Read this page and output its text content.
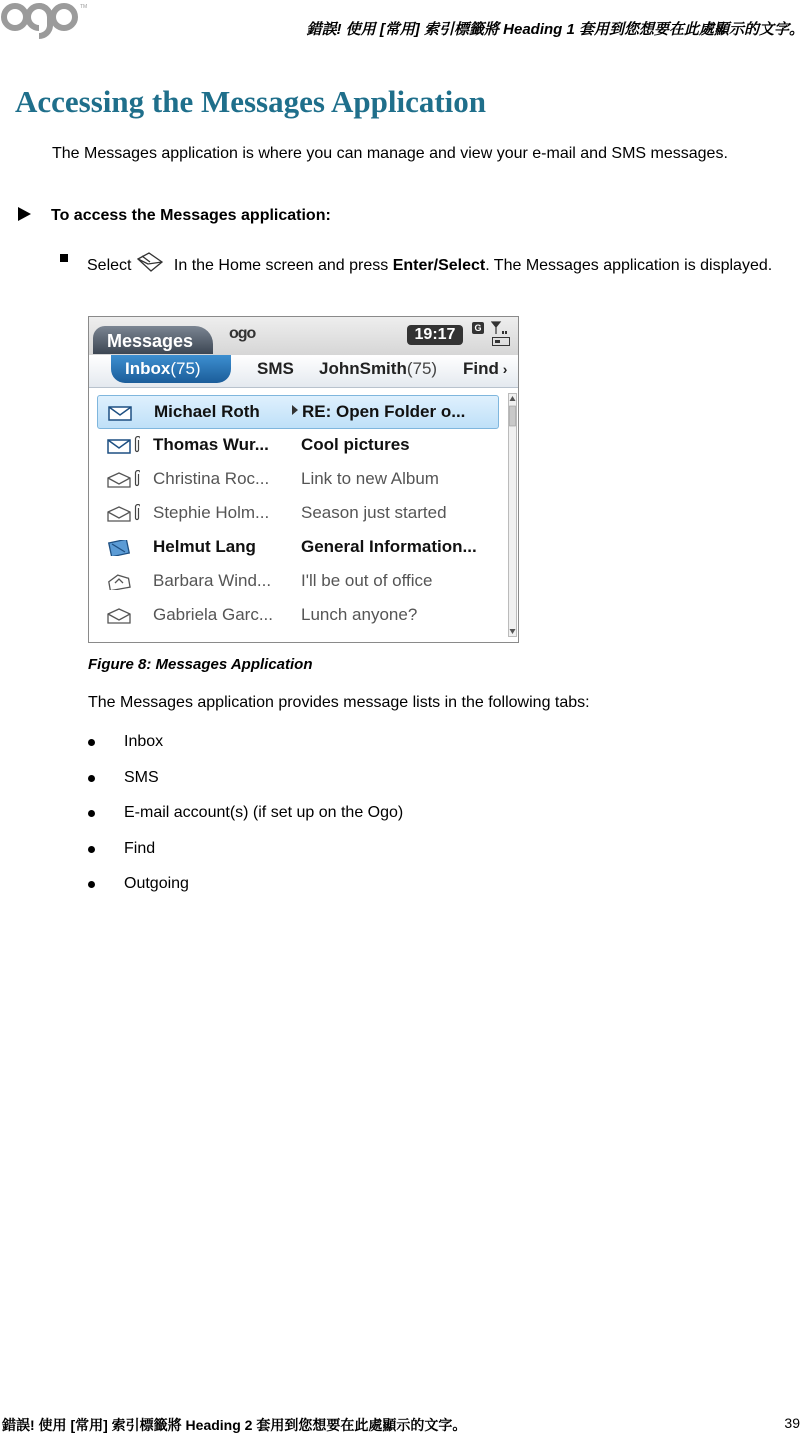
TM
錯誤! 使用 [常用] 索引標籤將 Heading 1 套用到您想要在此處顯示的文字。
Accessing the Messages Application
The Messages application is where you can manage and view your e-mail and SMS messages.
To access the Messages application:
Select	In the Home screen and press Enter/Select. The Messages application is displayed.
Messages	ogo	19:17	G
Inbox(75)	SMS JohnSmith(75) Find ›
Michael Roth	RE: Open Folder o...
Thomas Wur...	Cool pictures
Christina Roc...	Link to new Album
Stephie Holm...	Season just started
Helmut Lang	General Information...
Barbara Wind...	I'll be out of office
Gabriela Garc...	Lunch anyone?
Figure 8: Messages Application
The Messages application provides message lists in the following tabs:
Inbox
SMS
E-mail account(s) (if set up on the Ogo)
Find
Outgoing
錯誤! 使用 [常用] 索引標籤將 Heading 2 套用到您想要在此處顯示的文字。	39
